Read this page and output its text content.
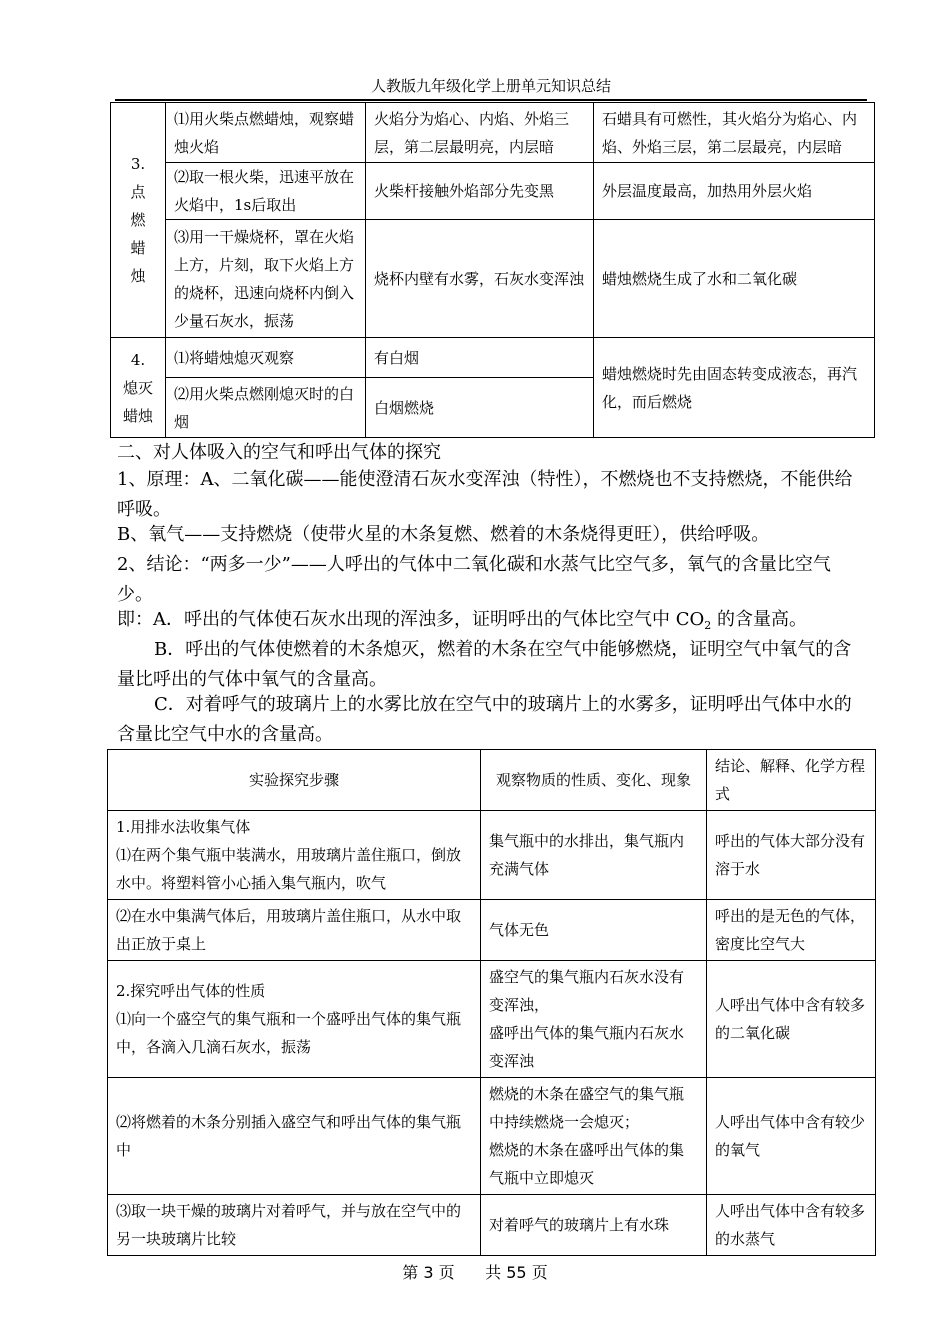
人教版九年级化学上册单元知识总结
3.
点
燃
蜡
烛	⑴用火柴点燃蜡烛，观察蜡烛火焰	火焰分为焰心、内焰、外焰三层，第二层最明亮，内层暗	石蜡具有可燃性，其火焰分为焰心、内焰、外焰三层，第二层最亮，内层暗
	⑵取一根火柴，迅速平放在火焰中，1s后取出	火柴杆接触外焰部分先变黑	外层温度最高，加热用外层火焰
	⑶用一干燥烧杯，罩在火焰上方，片刻，取下火焰上方的烧杯，迅速向烧杯内倒入少量石灰水，振荡	烧杯内壁有水雾，石灰水变浑浊	蜡烛燃烧生成了水和二氧化碳
4.
熄灭
蜡烛	⑴将蜡烛熄灭观察	有白烟	蜡烛燃烧时先由固态转变成液态，再汽化，而后燃烧
	⑵用火柴点燃刚熄灭时的白烟	白烟燃烧	
二、对人体吸入的空气和呼出气体的探究
1、原理：A、二氧化碳——能使澄清石灰水变浑浊（特性），不燃烧也不支持燃烧，不能供给呼吸。
B、氧气——支持燃烧（使带火星的木条复燃、燃着的木条烧得更旺），供给呼吸。
2、结论：“两多一少”——人呼出的气体中二氧化碳和水蒸气比空气多，氧气的含量比空气少。
即：A．呼出的气体使石灰水出现的浑浊多，证明呼出的气体比空气中 $CO_2$ 的含量高。
B．呼出的气体使燃着的木条熄灭，燃着的木条在空气中能够燃烧，证明空气中氧气的含量比呼出的气体中氧气的含量高。
C．对着呼气的玻璃片上的水雾比放在空气中的玻璃片上的水雾多，证明呼出气体中水的含量比空气中水的含量高。
实验探究步骤	观察物质的性质、变化、现象	结论、解释、化学方程式
1.用排水法收集气体
⑴在两个集气瓶中装满水，用玻璃片盖住瓶口，倒放水中。将塑料管小心插入集气瓶内，吹气	集气瓶中的水排出，集气瓶内充满气体	呼出的气体大部分没有溶于水
⑵在水中集满气体后，用玻璃片盖住瓶口，从水中取出正放于桌上	气体无色	呼出的是无色的气体，密度比空气大
2.探究呼出气体的性质
⑴向一个盛空气的集气瓶和一个盛呼出气体的集气瓶中，各滴入几滴石灰水，振荡	盛空气的集气瓶内石灰水没有变浑浊，
盛呼出气体的集气瓶内石灰水变浑浊	人呼出气体中含有较多的二氧化碳
⑵将燃着的木条分别插入盛空气和呼出气体的集气瓶中	燃烧的木条在盛空气的集气瓶中持续燃烧一会熄灭；
燃烧的木条在盛呼出气体的集气瓶中立即熄灭	人呼出气体中含有较少的氧气
⑶取一块干燥的玻璃片对着呼气，并与放在空气中的另一块玻璃片比较	对着呼气的玻璃片上有水珠	人呼出气体中含有较多的水蒸气
第 3 页      共 55 页
